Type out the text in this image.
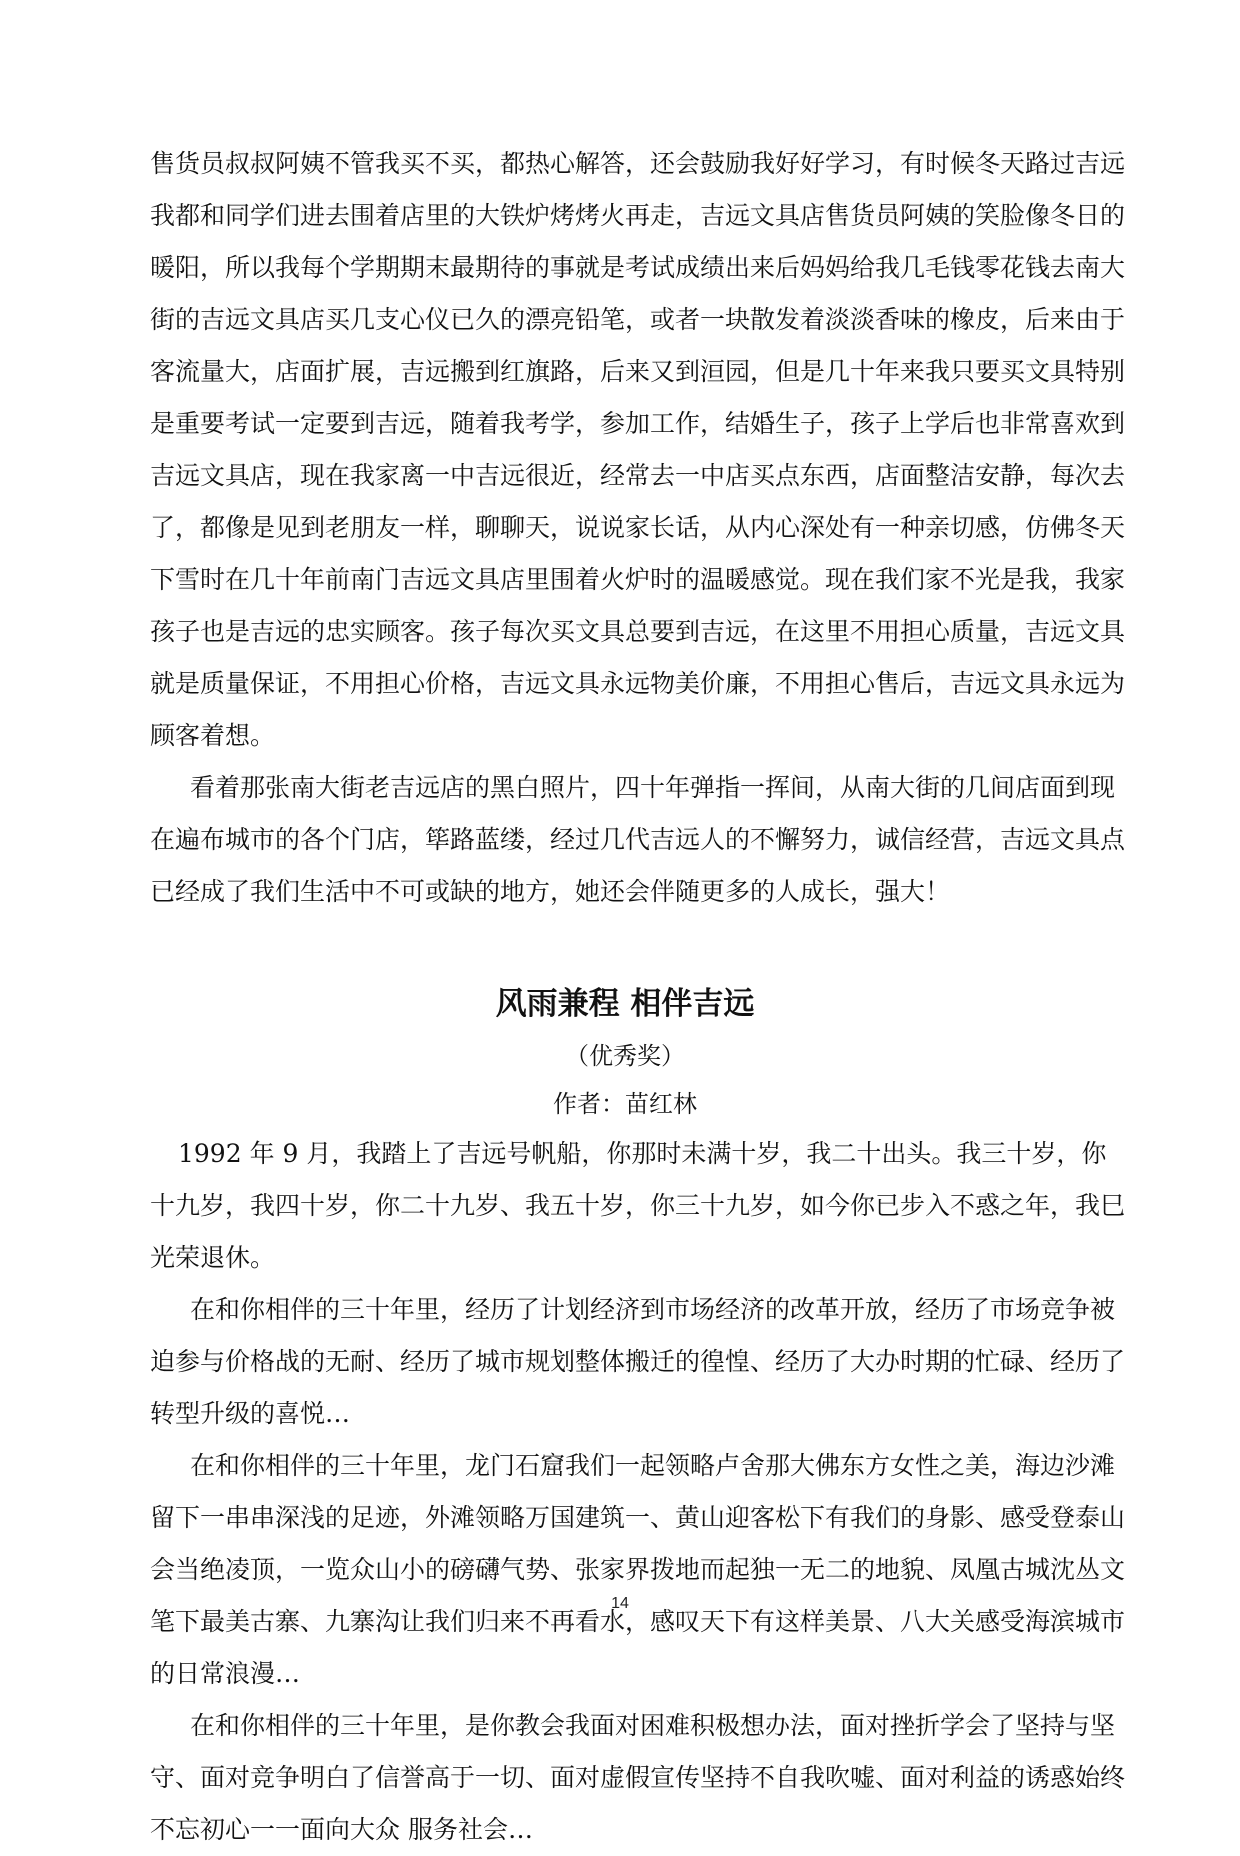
售货员叔叔阿姨不管我买不买，都热心解答，还会鼓励我好好学习，有时候冬天路过吉远
我都和同学们进去围着店里的大铁炉烤烤火再走，吉远文具店售货员阿姨的笑脸像冬日的
暖阳，所以我每个学期期末最期待的事就是考试成绩出来后妈妈给我几毛钱零花钱去南大
街的吉远文具店买几支心仪已久的漂亮铅笔，或者一块散发着淡淡香味的橡皮，后来由于
客流量大，店面扩展，吉远搬到红旗路，后来又到洹园，但是几十年来我只要买文具特别
是重要考试一定要到吉远，随着我考学，参加工作，结婚生子，孩子上学后也非常喜欢到
吉远文具店，现在我家离一中吉远很近，经常去一中店买点东西，店面整洁安静，每次去
了，都像是见到老朋友一样，聊聊天，说说家长话，从内心深处有一种亲切感，仿佛冬天
下雪时在几十年前南门吉远文具店里围着火炉时的温暖感觉。现在我们家不光是我，我家
孩子也是吉远的忠实顾客。孩子每次买文具总要到吉远，在这里不用担心质量，吉远文具
就是质量保证，不用担心价格，吉远文具永远物美价廉，不用担心售后，吉远文具永远为
顾客着想。
看着那张南大街老吉远店的黑白照片，四十年弹指一挥间，从南大街的几间店面到现
在遍布城市的各个门店，筚路蓝缕，经过几代吉远人的不懈努力，诚信经营，吉远文具点
已经成了我们生活中不可或缺的地方，她还会伴随更多的人成长，强大！
风雨兼程 相伴吉远
（优秀奖）
作者：苗红林
1992 年 9 月，我踏上了吉远号帆船，你那时未满十岁，我二十出头。我三十岁，你
十九岁，我四十岁，你二十九岁、我五十岁，你三十九岁，如今你已步入不惑之年，我巳
光荣退休。
在和你相伴的三十年里，经历了计划经济到市场经济的改革开放，经历了市场竞争被
迫参与价格战的无耐、经历了城市规划整体搬迁的徨惶、经历了大办时期的忙碌、经历了
转型升级的喜悦…
在和你相伴的三十年里，龙门石窟我们一起领略卢舍那大佛东方女性之美，海边沙滩
留下一串串深浅的足迹，外滩领略万国建筑一、黄山迎客松下有我们的身影、感受登泰山
会当绝凌顶，一览众山小的磅礴气势、张家界拨地而起独一无二的地貌、凤凰古城沈丛文
笔下最美古寨、九寨沟让我们归来不再看水，感叹天下有这样美景、八大关感受海滨城市
的日常浪漫…
在和你相伴的三十年里，是你教会我面对困难积极想办法，面对挫折学会了坚持与坚
守、面对竞争明白了信誉高于一切、面对虚假宣传坚持不自我吹嘘、面对利益的诱惑始终
不忘初心一一面向大众 服务社会…
14
